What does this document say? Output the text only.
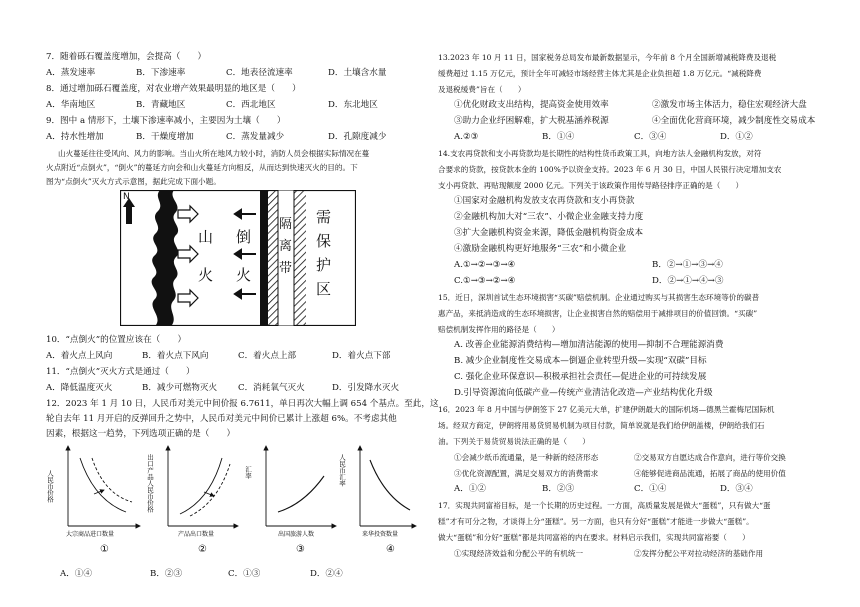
7．随着砾石覆盖度增加，会提高（　　）
A．蒸发速率	B．下渗速率	C．地表径流速率	D．土壤含水量
8．通过增加砾石覆盖度，对农业增产效果最明显的地区是（　　）
A．华南地区	B．青藏地区	C．西北地区	D．东北地区
9．图中 a 情形下，土壤下渗速率减小，主要因为土壤（　　）
A．持水性增加	B．干燥度增加	C．蒸发量减少	D．孔隙度减少
山火蔓延往往受风向、风力的影响。当山火所在地风力较小时，消防人员会根据实际情况在蔓
火点附近“点倒火”，“倒火”的蔓延方向会和山火蔓延方向相反，从而达到快速灭火的目的。下
图为“点倒火”灭火方式示意图，据此完成下面小题。
N
山
火
倒
火
隔
离
带
需
保
护
区
10．“点倒火”的位置应该在（　　）
A．着火点上风向	B．着火点下风向	C．着火点上部	D．着火点下部
11．“点倒火”灭火方式是通过（　　）
A．降低温度灭火	B．减少可燃物灭火 C．消耗氧气灭火	D．引发降水灭火
12．2023 年 1 月 10 日，人民币对美元中间价报 6.7611，单日再次大幅上调 654 个基点。至此，这
轮自去年 11 月开启的反弹回升之势中，人民币对美元中间价已累计上涨超 6%。不考虑其他
因素，根据这一趋势，下列选项正确的是（　　）
人民币价格
大宗商品进口数量
①
出口产品人民币价格
产品出口数量
②
汇率
出国旅游人数
③
人民币汇率
来华投资数量
④
A．①④	B．②③	C．①③	D．②④
13.2023 年 10 月 11 日，国家税务总局发布最新数据显示，今年前 8 个月全国新增减税降费及退税
缓费超过 1.15 万亿元，预计全年可减轻市场经营主体尤其是企业负担超 1.8 万亿元。“减税降费
及退税缓费”旨在（　　）
①优化财政支出结构，提高资金使用效率	②激发市场主体活力，稳住宏观经济大盘
③助力企业纾困解难，扩大税基涵养税源	④全面优化营商环境，减少制度性交易成本
A.②③	B．①④	C．③④	D．①②
14.支农再贷款和支小再贷款均是长期性的结构性货币政策工具，向地方法人金融机构发放，对符
合要求的贷款，按贷款本金的 100%予以资金支持。2023 年 6 月 30 日，中国人民银行决定增加支农
支小再贷款、再贴现额度 2000 亿元。下列关于该政策作用传导路径排序正确的是（　　）
①国家对金融机构发放支农再贷款和支小再贷款
②金融机构加大对“三农”、小微企业金融支持力度
③扩大金融机构资金来源，降低金融机构资金成本
④激励金融机构更好地服务“三农”和小微企业
A.①→②→③→④	B．②→①→③→④
C.①→③→②→④	D．②→①→④→③
15．近日，深圳首试生态环境损害“买碳”赔偿机制。企业通过购买与其损害生态环境等价的碳普
惠产品，来抵消造成的生态环境损害，让企业损害自然的赔偿用于减排项目的价值回馈。“买碳”
赔偿机制发挥作用的路径是（　　）
A. 改善企业能源消费结构—增加清洁能源的使用—抑制不合理能源消费
B. 减少企业制度性交易成本—倒逼企业转型升级—实现“双碳”目标
C. 强化企业环保意识—积极承担社会责任—促进企业的可持续发展
D.引导资源流向低碳产业—传统产业清洁化改造—产业结构优化升级
16．2023 年 8 月中国与伊朗签下 27 亿美元大单，扩建伊朗最大的国际机场—德黑兰霍梅尼国际机
场。经双方商定，伊朗将用易货贸易机制为项目付款，简单说就是我们给伊朗盖楼，伊朗给我们石
油。下列关于易货贸易说法正确的是（　　）
①会减少纸币流通量，是一种新的经济形态	②交易双方自愿达成合作意向，进行等价交换
③优化资源配置，满足交易双方的消费需求	④能够促进商品流通，拓展了商品的使用价值
A．①②	B．②③	C．①④	D．③④
17．实现共同富裕目标，是一个长期的历史过程。一方面，高质量发展是做大“蛋糕”，只有做大“蛋
糕”才有可分之物，才谈得上分“蛋糕”。另一方面，也只有分好“蛋糕”才能进一步做大“蛋糕”。
做大“蛋糕”和分好“蛋糕”都是共同富裕的内在要求。材料启示我们，实现共同富裕要（　　）
①实现经济效益和分配公平的有机统一	②发挥分配公平对拉动经济的基础作用
